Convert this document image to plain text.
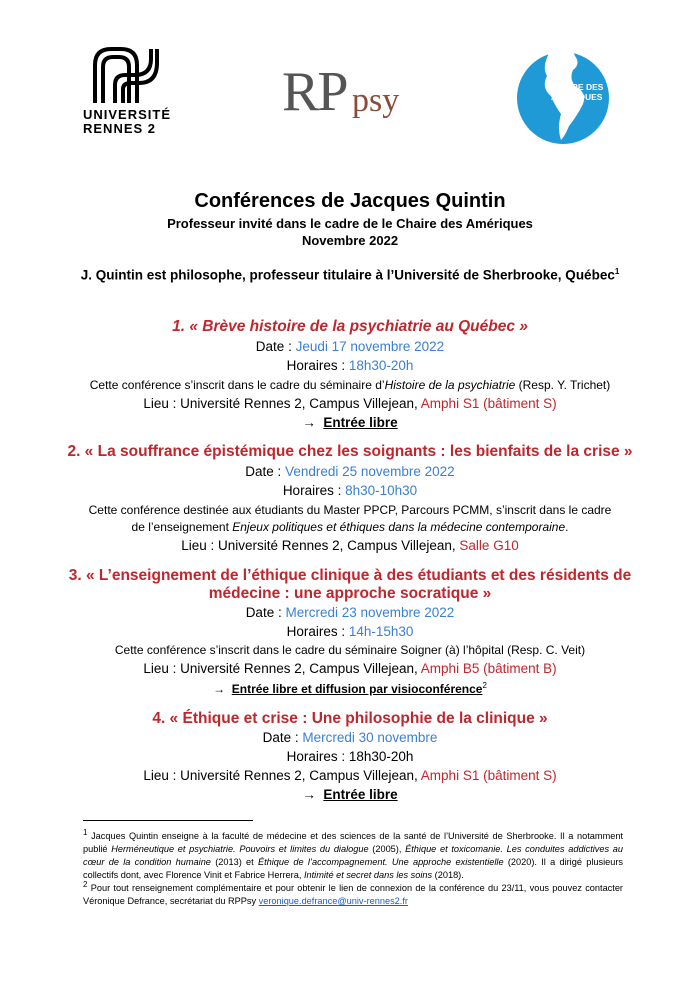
UNIVERSITÉ
RENNES 2
RP psy	CHAIRE DES
AMÉRIQUES
Conférences de Jacques Quintin
Professeur invité dans le cadre de le Chaire des Amériques
Novembre 2022
J. Quintin est philosophe, professeur titulaire à l’Université de Sherbrooke, Québec$^1$
1. « Brève histoire de la psychiatrie au Québec »
Date : Jeudi 17 novembre 2022
Horaires : 18h30-20h
Cette conférence s’inscrit dans le cadre du séminaire d’Histoire de la psychiatrie (Resp. Y. Trichet)
Lieu : Université Rennes 2, Campus Villejean, Amphi S1 (bâtiment S)
→ Entrée libre
2. « La souffrance épistémique chez les soignants : les bienfaits de la crise »
Date : Vendredi 25 novembre 2022
Horaires : 8h30-10h30
Cette conférence destinée aux étudiants du Master PPCP, Parcours PCMM, s’inscrit dans le cadre
de l’enseignement Enjeux politiques et éthiques dans la médecine contemporaine.
Lieu : Université Rennes 2, Campus Villejean, Salle G10
3. « L’enseignement de l’éthique clinique à des étudiants et des résidents de
médecine : une approche socratique »
Date : Mercredi 23 novembre 2022
Horaires : 14h-15h30
Cette conférence s’inscrit dans le cadre du séminaire Soigner (à) l’hôpital (Resp. C. Veit)
Lieu : Université Rennes 2, Campus Villejean, Amphi B5 (bâtiment B)
→ Entrée libre et diffusion par visioconférence$^2$
4. « Éthique et crise : Une philosophie de la clinique »
Date : Mercredi 30 novembre
Horaires : 18h30-20h
Lieu : Université Rennes 2, Campus Villejean, Amphi S1 (bâtiment S)
→ Entrée libre
1 Jacques Quintin enseigne à la faculté de médecine et des sciences de la santé de l’Université de Sherbrooke. Il a notamment publié Herméneutique et psychiatrie. Pouvoirs et limites du dialogue (2005), Éthique et toxicomanie. Les conduites addictives au cœur de la condition humaine (2013) et Éthique de l’accompagnement. Une approche existentielle (2020). Il a dirigé plusieurs collectifs dont, avec Florence Vinit et Fabrice Herrera, Intimité et secret dans les soins (2018).
2 Pour tout renseignement complémentaire et pour obtenir le lien de connexion de la conférence du 23/11, vous pouvez contacter Véronique Defrance, secrétariat du RPPsy veronique.defrance@univ-rennes2.fr
